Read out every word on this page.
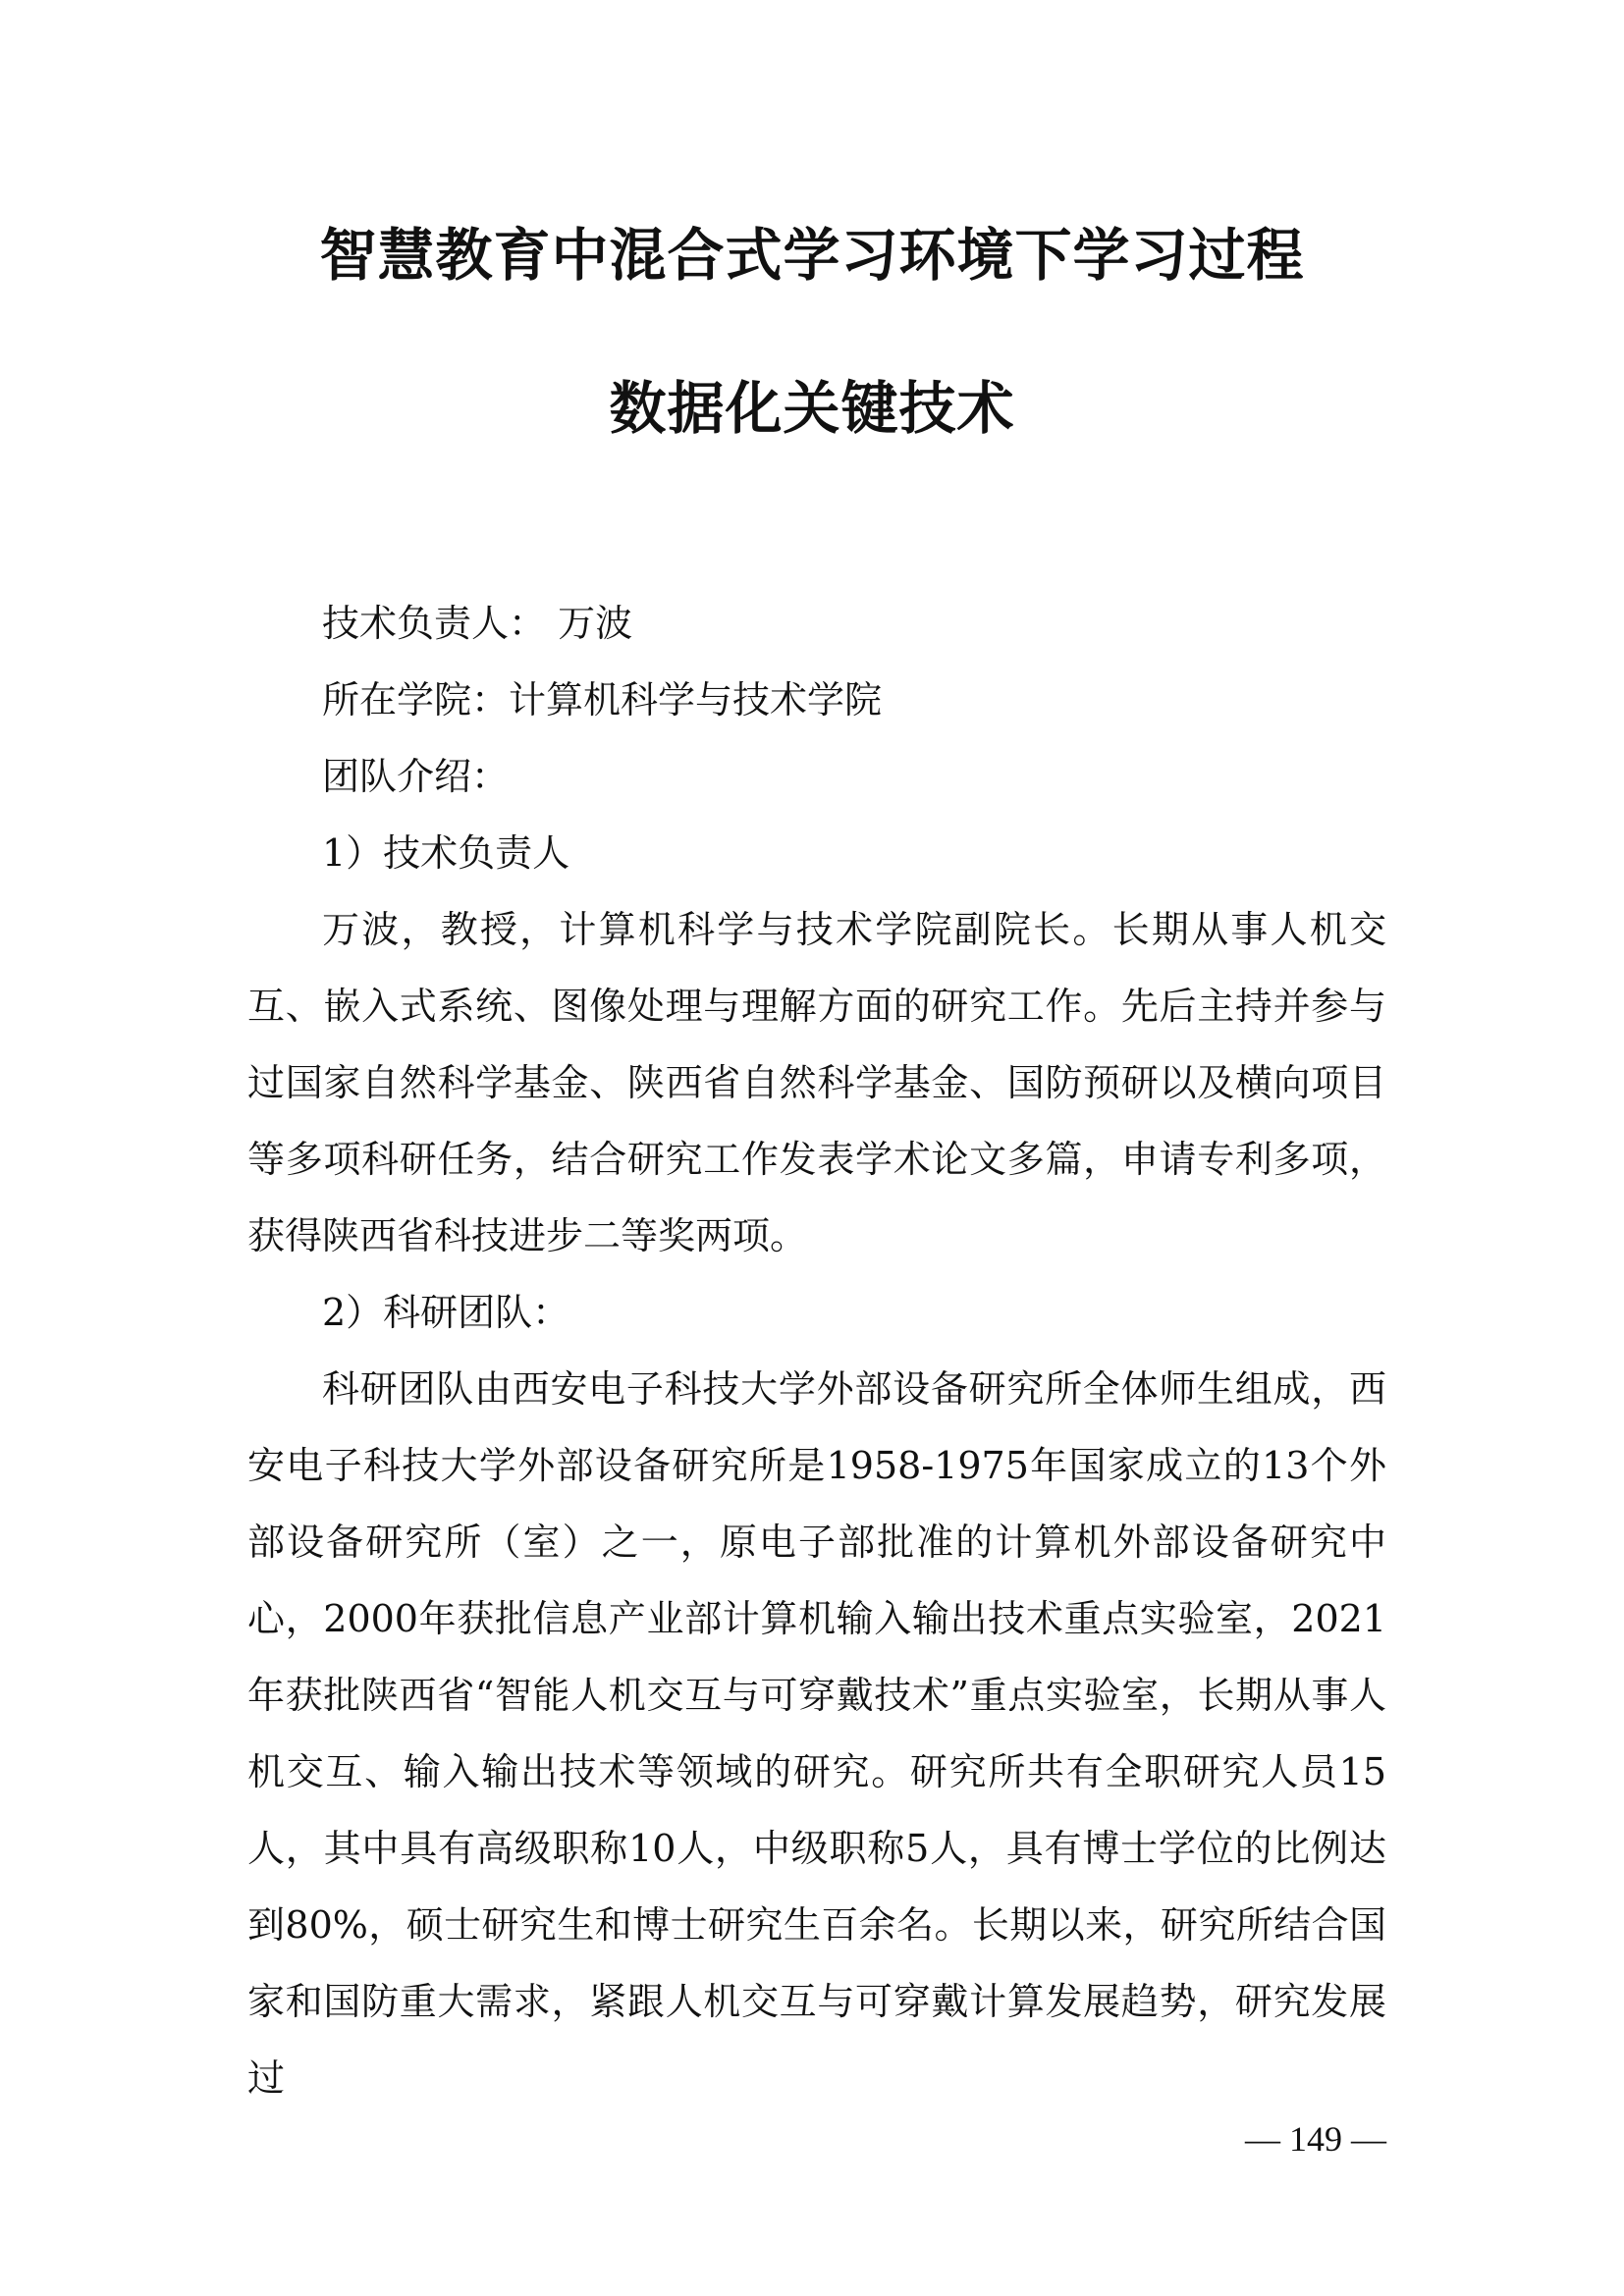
智慧教育中混合式学习环境下学习过程
数据化关键技术

技术负责人： 万波

所在学院：计算机科学与技术学院

团队介绍：

1）技术负责人

万波，教授，计算机科学与技术学院副院长。长期从事人机交互、嵌入式系统、图像处理与理解方面的研究工作。先后主持并参与过国家自然科学基金、陕西省自然科学基金、国防预研以及横向项目等多项科研任务，结合研究工作发表学术论文多篇，申请专利多项，获得陕西省科技进步二等奖两项。

2）科研团队：

科研团队由西安电子科技大学外部设备研究所全体师生组成，西安电子科技大学外部设备研究所是1958-1975年国家成立的13个外部设备研究所（室）之一，原电子部批准的计算机外部设备研究中心，2000年获批信息产业部计算机输入输出技术重点实验室，2021年获批陕西省“智能人机交互与可穿戴技术”重点实验室，长期从事人机交互、输入输出技术等领域的研究。研究所共有全职研究人员15人，其中具有高级职称10人，中级职称5人，具有博士学位的比例达到80%，硕士研究生和博士研究生百余名。长期以来，研究所结合国家和国防重大需求，紧跟人机交互与可穿戴计算发展趋势，研究发展过

— 149 —
